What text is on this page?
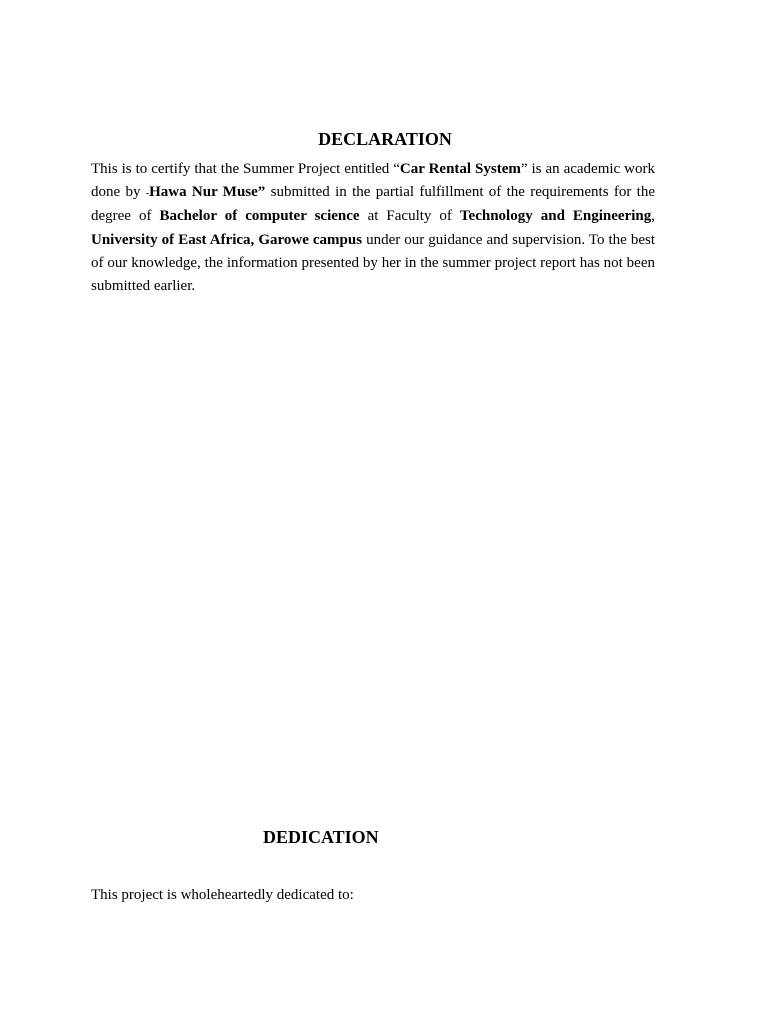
DECLARATION

This is to certify that the Summer Project entitled “Car Rental System” is an academic work done by -Hawa Nur Muse” submitted in the partial fulfillment of the requirements for the degree of Bachelor of computer science at Faculty of Technology and Engineering, University of East Africa, Garowe campus under our guidance and supervision. To the best of our knowledge, the information presented by her in the summer project report has not been submitted earlier.

DEDICATION

This project is wholeheartedly dedicated to:
